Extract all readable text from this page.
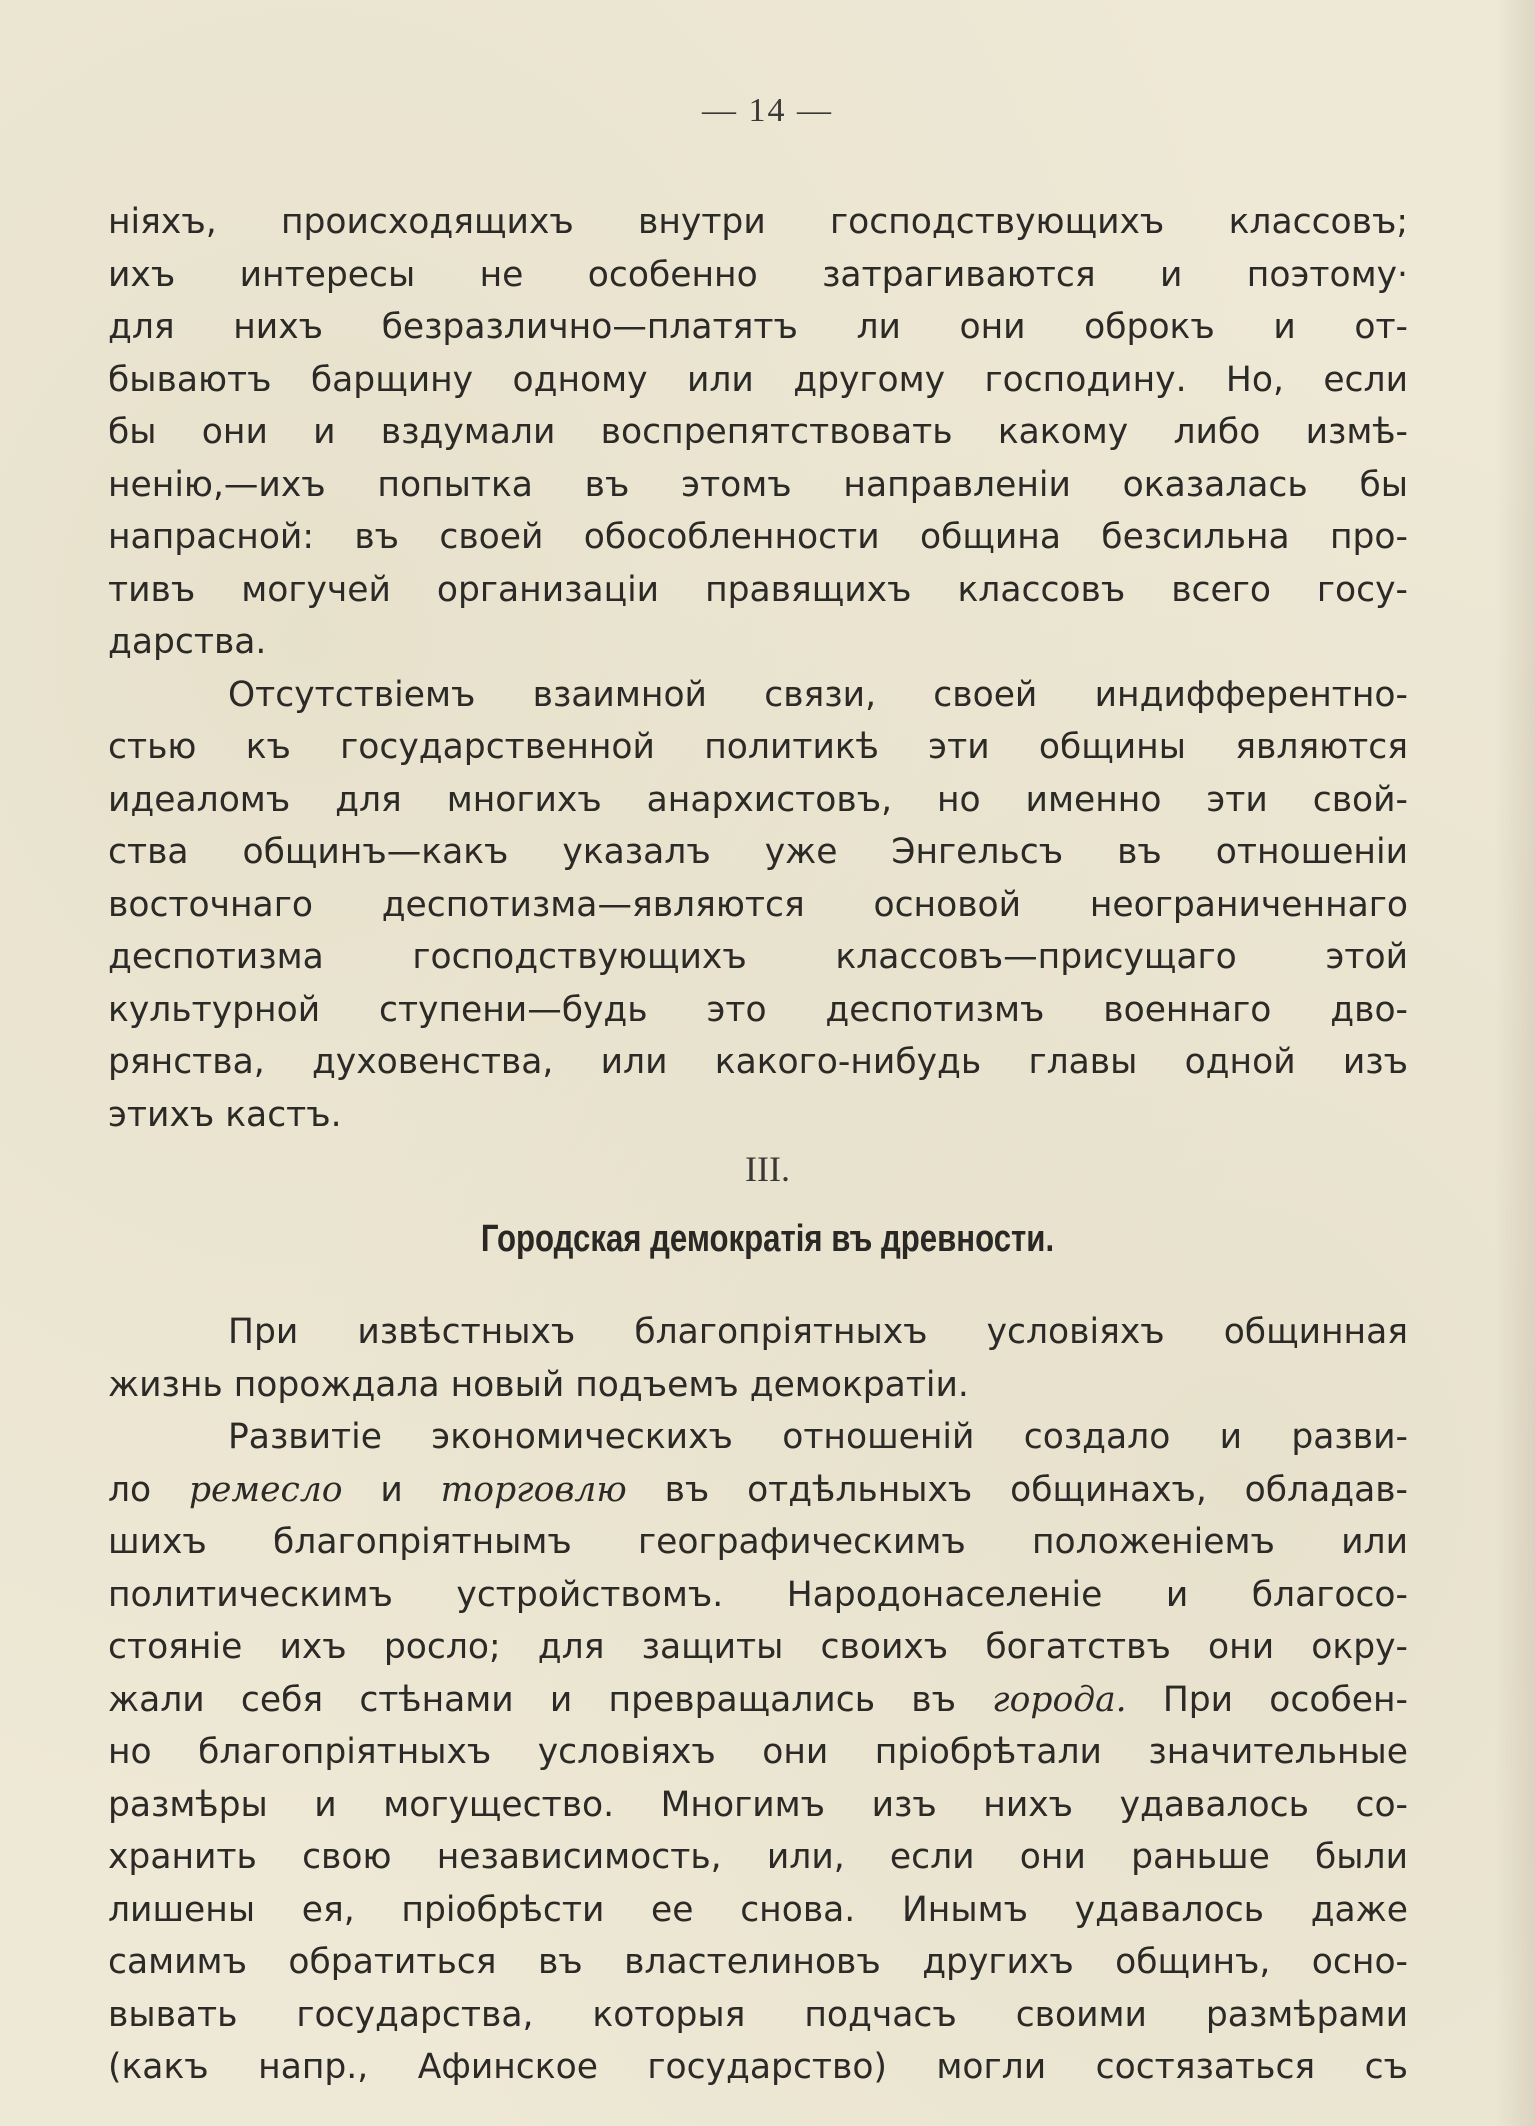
— 14 —
нiяхъ, происходящихъ внутри господствующихъ классовъ;
ихъ интересы не особенно затрагиваются и поэтому·
для нихъ безразлично—платятъ ли они оброкъ и от-
бываютъ барщину одному или другому господину. Но, если
бы они и вздумали воспрепятствовать какому либо измѣ-
ненiю,—ихъ попытка въ этомъ направленiи оказалась бы
напрасной: въ своей обособленности община безсильна про-
тивъ могучей организацiи правящихъ классовъ всего госу-
дарства.
Отсутствiемъ взаимной связи, своей индифферентно-
стью къ государственной политикѣ эти общины являются
идеаломъ для многихъ анархистовъ, но именно эти свой-
ства общинъ—какъ указалъ уже Энгельсъ въ отношенiи
восточнаго деспотизма—являются основой неограниченнаго
деспотизма господствующихъ классовъ—присущаго этой
культурной ступени—будь это деспотизмъ военнаго дво-
рянства, духовенства, или какого-нибудь главы одной изъ
этихъ кастъ.
III.
Городская демократiя въ древности.
При извѣстныхъ благопрiятныхъ условiяхъ общинная
жизнь порождала новый подъемъ демократiи.
Развитiе экономическихъ отношенiй создало и разви-
ло ремесло и торговлю въ отдѣльныхъ общинахъ, обладав-
шихъ благопрiятнымъ географическимъ положенiемъ или
политическимъ устройствомъ. Народонаселенiе и благосо-
стоянiе ихъ росло; для защиты своихъ богатствъ они окру-
жали себя стѣнами и превращались въ города. При особен-
но благопрiятныхъ условiяхъ они прiобрѣтали значительные
размѣры и могущество. Многимъ изъ нихъ удавалось со-
хранить свою независимость, или, если они раньше были
лишены ея, прiобрѣсти ее снова. Инымъ удавалось даже
самимъ обратиться въ властелиновъ другихъ общинъ, осно-
вывать государства, которыя подчасъ своими размѣрами
(какъ напр., Афинское государство) могли состязаться съ
